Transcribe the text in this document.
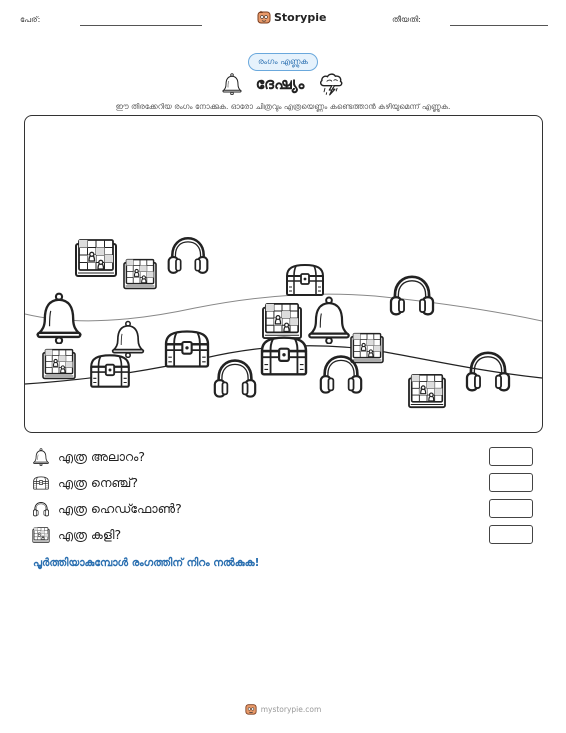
പേര്:	Storypie	തീയതി:
രംഗം എണ്ണുക
ദേഷ്യം
ഈ തിരക്കേറിയ രംഗം നോക്കുക. ഓരോ ചിത്രവും എത്രയെണ്ണം കണ്ടെത്താൻ കഴിയുമെന്ന് എണ്ണുക.
എത്ര അലാറം?
എത്ര നെഞ്ച്?
എത്ര ഹെഡ്ഫോൺ?
എത്ര കളി?
പൂർത്തിയാകുമ്പോൾ രംഗത്തിന് നിറം നൽകുക!
mystorypie.com
